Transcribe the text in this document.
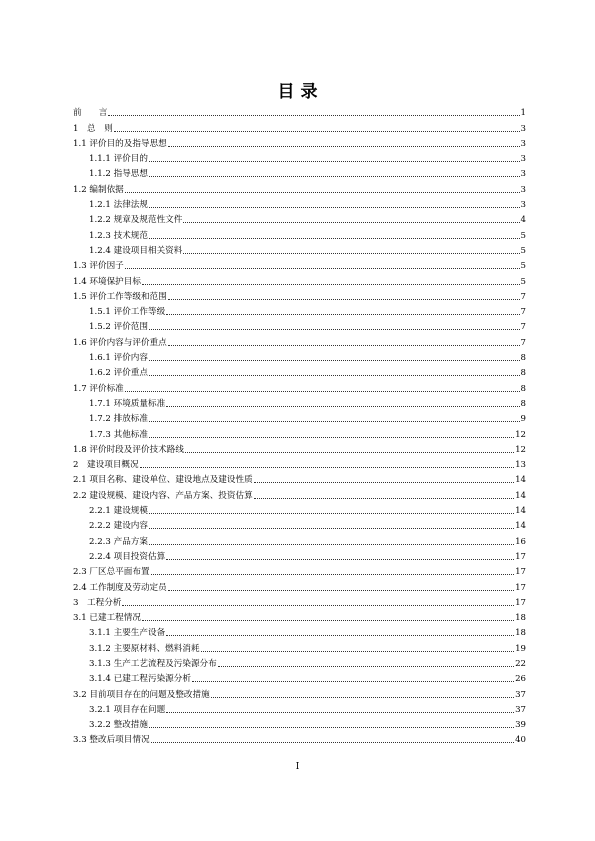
目 录
前　　言	1
1　总　则	3
1.1 评价目的及指导思想	3
1.1.1 评价目的	3
1.1.2 指导思想	3
1.2 编制依据	3
1.2.1 法律法规	3
1.2.2 规章及规范性文件	4
1.2.3 技术规范	5
1.2.4 建设项目相关资料	5
1.3 评价因子	5
1.4 环境保护目标	5
1.5 评价工作等级和范围	7
1.5.1 评价工作等级	7
1.5.2 评价范围	7
1.6 评价内容与评价重点	7
1.6.1 评价内容	8
1.6.2 评价重点	8
1.7 评价标准	8
1.7.1 环境质量标准	8
1.7.2 排放标准	9
1.7.3 其他标准	12
1.8 评价时段及评价技术路线	12
2　建设项目概况	13
2.1 项目名称、建设单位、建设地点及建设性质	14
2.2 建设规模、建设内容、产品方案、投资估算	14
2.2.1 建设规模	14
2.2.2 建设内容	14
2.2.3 产品方案	16
2.2.4 项目投资估算	17
2.3 厂区总平面布置	17
2.4 工作制度及劳动定员	17
3　工程分析	17
3.1 已建工程情况	18
3.1.1 主要生产设备	18
3.1.2 主要原材料、燃料消耗	19
3.1.3 生产工艺流程及污染源分布	22
3.1.4 已建工程污染源分析	26
3.2 目前项目存在的问题及整改措施	37
3.2.1 项目存在问题	37
3.2.2 整改措施	39
3.3 整改后项目情况	40
I
